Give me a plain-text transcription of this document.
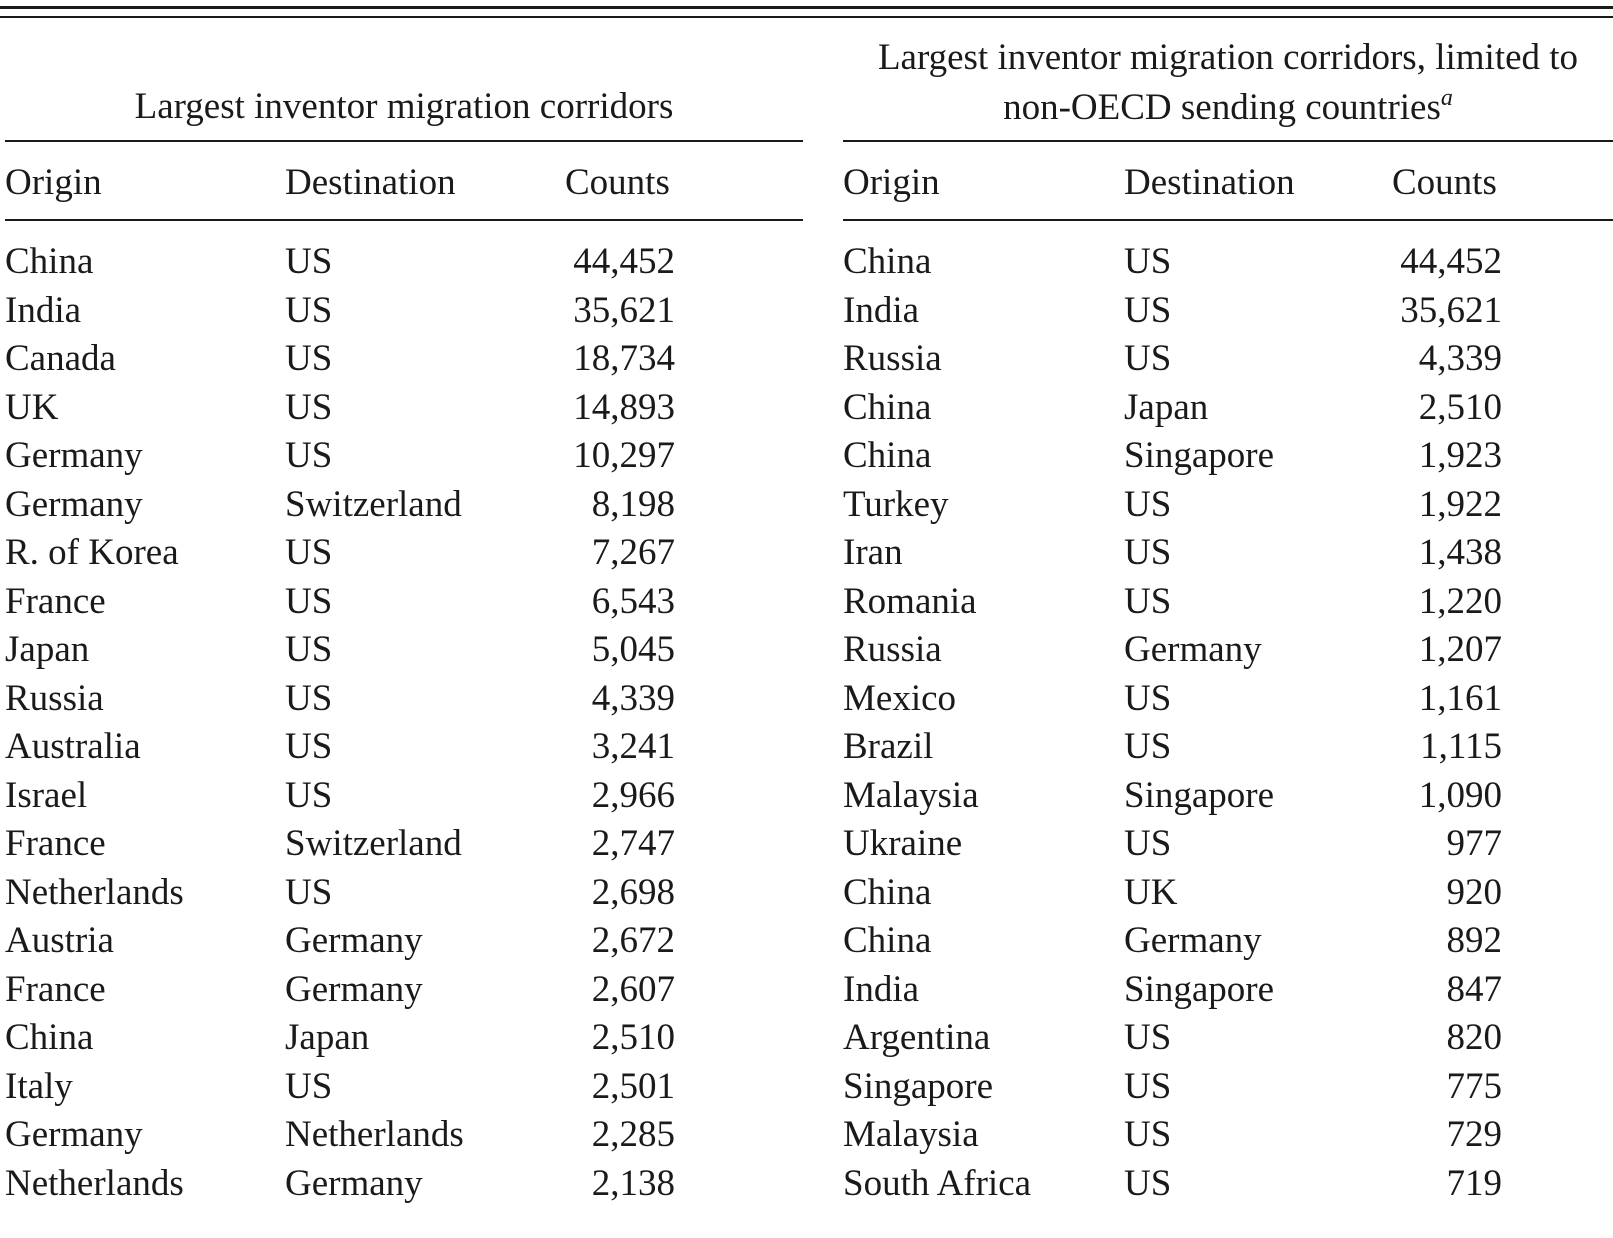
Largest inventor migration corridors
Origin	Destination	Counts
China	US	44,452
India	US	35,621
Canada	US	18,734
UK	US	14,893
Germany	US	10,297
Germany	Switzerland	8,198
R. of Korea	US	7,267
France	US	6,543
Japan	US	5,045
Russia	US	4,339
Australia	US	3,241
Israel	US	2,966
France	Switzerland	2,747
Netherlands	US	2,698
Austria	Germany	2,672
France	Germany	2,607
China	Japan	2,510
Italy	US	2,501
Germany	Netherlands	2,285
Netherlands	Germany	2,138
Largest inventor migration corridors, limited to
non-OECD sending countries$^a$
Origin	Destination	Counts
China	US	44,452
India	US	35,621
Russia	US	4,339
China	Japan	2,510
China	Singapore	1,923
Turkey	US	1,922
Iran	US	1,438
Romania	US	1,220
Russia	Germany	1,207
Mexico	US	1,161
Brazil	US	1,115
Malaysia	Singapore	1,090
Ukraine	US	977
China	UK	920
China	Germany	892
India	Singapore	847
Argentina	US	820
Singapore	US	775
Malaysia	US	729
South Africa	US	719
